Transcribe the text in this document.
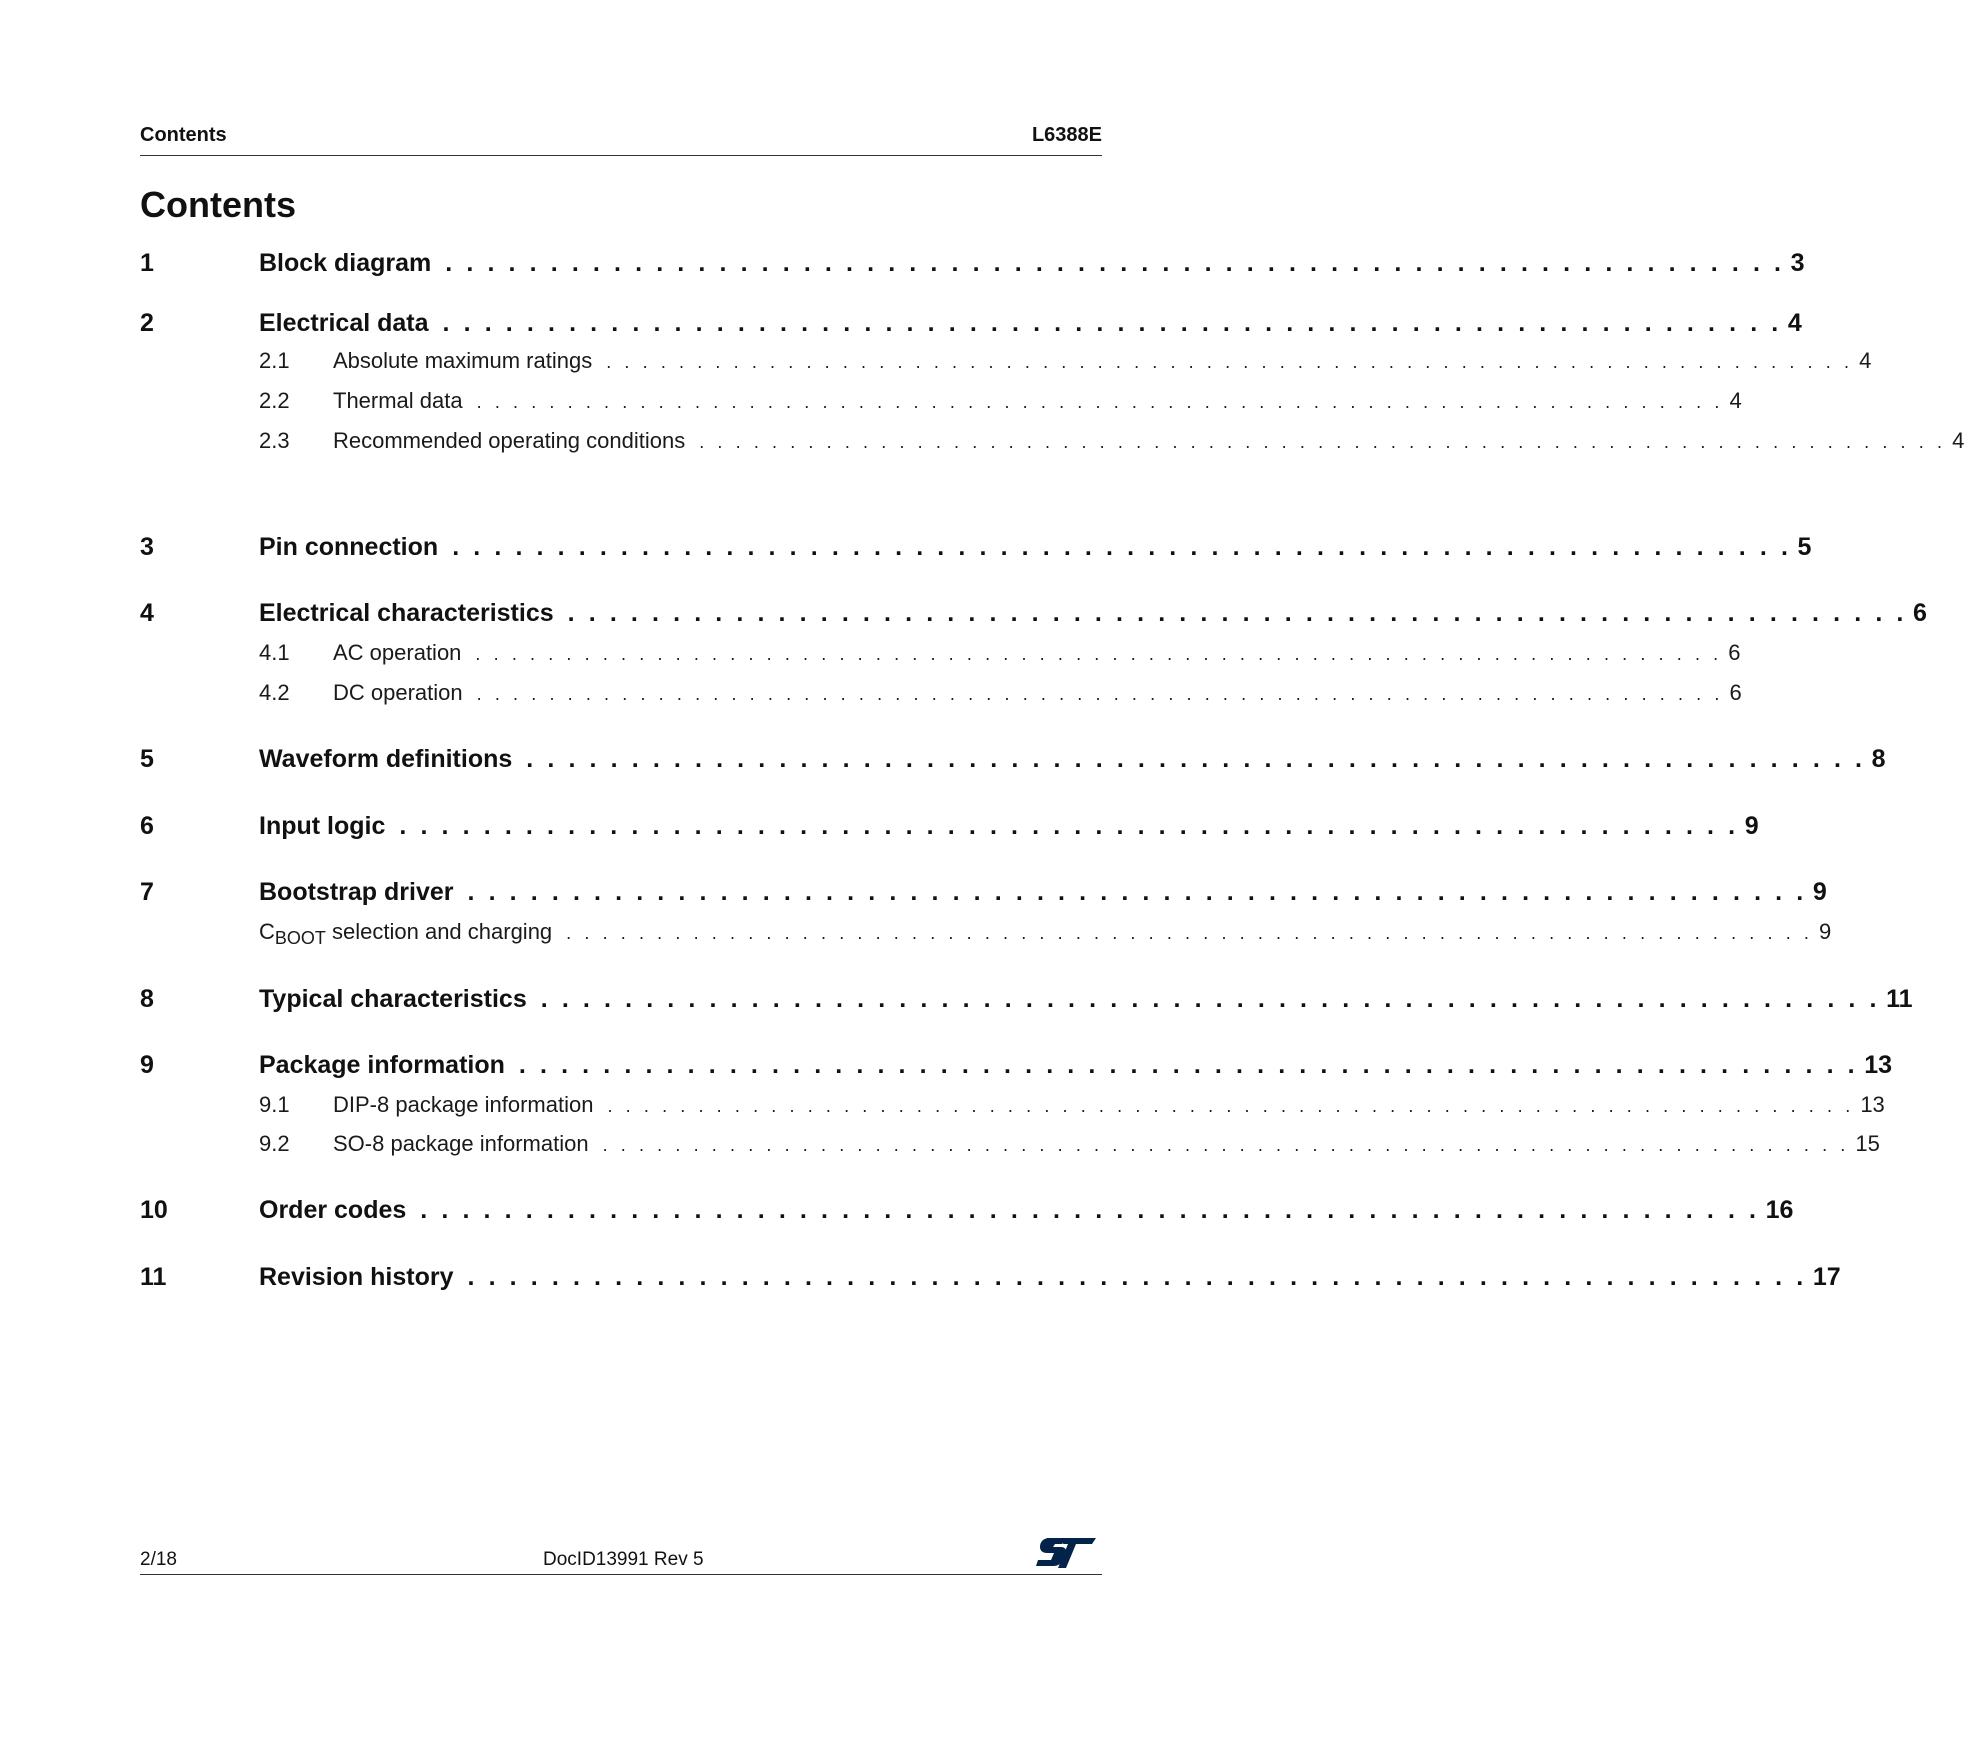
Contents	L6388E
Contents
1	Block diagram . . . . . . . . . . . . . . . . . . . . . . . . . . . . . . . . . . . . . . . . . . . . . . . . . . . . . . . . . . . . . . . . 3
2	Electrical data . . . . . . . . . . . . . . . . . . . . . . . . . . . . . . . . . . . . . . . . . . . . . . . . . . . . . . . . . . . . . . . . 4
2.1	Absolute maximum ratings . . . . . . . . . . . . . . . . . . . . . . . . . . . . . . . . . . . . . . . . . . . . . . . . . . . . . . . . . . . . . . . . . . . . . 4
2.2	Thermal data . . . . . . . . . . . . . . . . . . . . . . . . . . . . . . . . . . . . . . . . . . . . . . . . . . . . . . . . . . . . . . . . . . . . . 4
2.3	Recommended operating conditions . . . . . . . . . . . . . . . . . . . . . . . . . . . . . . . . . . . . . . . . . . . . . . . . . . . . . . . . . . . . . . . . . . . . . 4
3	Pin connection . . . . . . . . . . . . . . . . . . . . . . . . . . . . . . . . . . . . . . . . . . . . . . . . . . . . . . . . . . . . . . . . 5
4	Electrical characteristics . . . . . . . . . . . . . . . . . . . . . . . . . . . . . . . . . . . . . . . . . . . . . . . . . . . . . . . . . . . . . . . . 6
4.1	AC operation . . . . . . . . . . . . . . . . . . . . . . . . . . . . . . . . . . . . . . . . . . . . . . . . . . . . . . . . . . . . . . . . . . . . . 6
4.2	DC operation . . . . . . . . . . . . . . . . . . . . . . . . . . . . . . . . . . . . . . . . . . . . . . . . . . . . . . . . . . . . . . . . . . . . . 6
5	Waveform definitions . . . . . . . . . . . . . . . . . . . . . . . . . . . . . . . . . . . . . . . . . . . . . . . . . . . . . . . . . . . . . . . . 8
6	Input logic . . . . . . . . . . . . . . . . . . . . . . . . . . . . . . . . . . . . . . . . . . . . . . . . . . . . . . . . . . . . . . . . 9
7	Bootstrap driver . . . . . . . . . . . . . . . . . . . . . . . . . . . . . . . . . . . . . . . . . . . . . . . . . . . . . . . . . . . . . . . . 9
$C_{BOOT}$ selection and charging . . . . . . . . . . . . . . . . . . . . . . . . . . . . . . . . . . . . . . . . . . . . . . . . . . . . . . . . . . . . . . . . . . . . . 9
8	Typical characteristics . . . . . . . . . . . . . . . . . . . . . . . . . . . . . . . . . . . . . . . . . . . . . . . . . . . . . . . . . . . . . . . . 11
9	Package information . . . . . . . . . . . . . . . . . . . . . . . . . . . . . . . . . . . . . . . . . . . . . . . . . . . . . . . . . . . . . . . . 13
9.1	DIP-8 package information . . . . . . . . . . . . . . . . . . . . . . . . . . . . . . . . . . . . . . . . . . . . . . . . . . . . . . . . . . . . . . . . . . . . . 13
9.2	SO-8 package information . . . . . . . . . . . . . . . . . . . . . . . . . . . . . . . . . . . . . . . . . . . . . . . . . . . . . . . . . . . . . . . . . . . . . 15
10	Order codes . . . . . . . . . . . . . . . . . . . . . . . . . . . . . . . . . . . . . . . . . . . . . . . . . . . . . . . . . . . . . . . . 16
11	Revision history . . . . . . . . . . . . . . . . . . . . . . . . . . . . . . . . . . . . . . . . . . . . . . . . . . . . . . . . . . . . . . . . 17
2/18	DocID13991 Rev 5
